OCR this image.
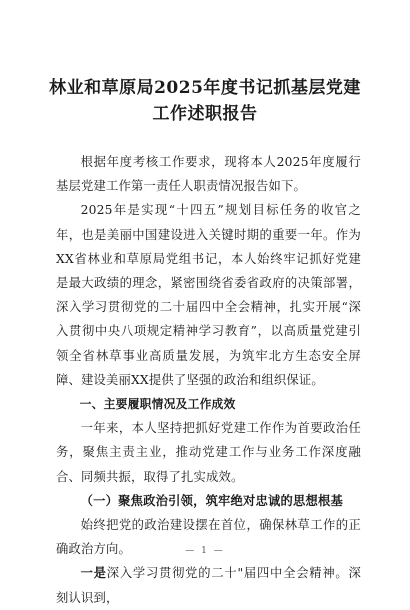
林业和草原局2025年度书记抓基层党建
工作述职报告

根据年度考核工作要求，现将本人2025年度履行基层党建工作第一责任人职责情况报告如下。

2025年是实现“十四五”规划目标任务的收官之年，也是美丽中国建设进入关键时期的重要一年。作为XX省林业和草原局党组书记，本人始终牢记抓好党建是最大政绩的理念，紧密围绕省委省政府的决策部署，深入学习贯彻党的二十届四中全会精神，扎实开展“深入贯彻中央八项规定精神学习教育”，以高质量党建引领全省林草事业高质量发展，为筑牢北方生态安全屏障、建设美丽XX提供了坚强的政治和组织保证。

一、主要履职情况及工作成效

一年来，本人坚持把抓好党建工作作为首要政治任务，聚焦主责主业，推动党建工作与业务工作深度融合、同频共振，取得了扎实成效。

（一）聚焦政治引领，筑牢绝对忠诚的思想根基

始终把党的政治建设摆在首位，确保林草工作的正确政治方向。

一是深入学习贯彻党的二十"届四中全会精神。深刻认识到，

— 1 —
